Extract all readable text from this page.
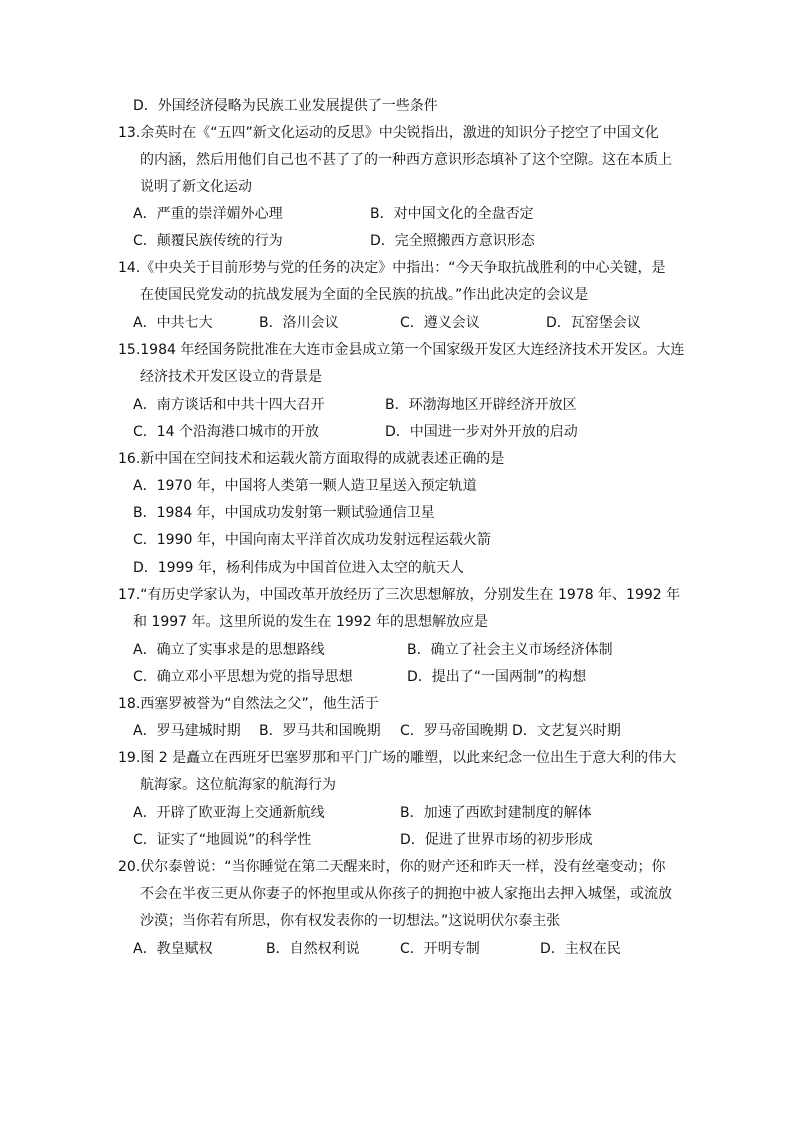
D．外国经济侵略为民族工业发展提供了一些条件
13.余英时在《“五四”新文化运动的反思》中尖锐指出，激进的知识分子挖空了中国文化
的内涵，然后用他们自己也不甚了了的一种西方意识形态填补了这个空隙。这在本质上
说明了新文化运动
A．严重的崇洋媚外心理	B．对中国文化的全盘否定
C．颠覆民族传统的行为	D．完全照搬西方意识形态
14.《中央关于目前形势与党的任务的决定》中指出：“今天争取抗战胜利的中心关键，是
在使国民党发动的抗战发展为全面的全民族的抗战。”作出此决定的会议是
A．中共七大	B．洛川会议	C．遵义会议	D．瓦窑堡会议
15.1984 年经国务院批准在大连市金县成立第一个国家级开发区大连经济技术开发区。大连
经济技术开发区设立的背景是
A．南方谈话和中共十四大召开	B．环渤海地区开辟经济开放区
C．14 个沿海港口城市的开放	D．中国进一步对外开放的启动
16.新中国在空间技术和运载火箭方面取得的成就表述正确的是
A．1970 年，中国将人类第一颗人造卫星送入预定轨道
B．1984 年，中国成功发射第一颗试验通信卫星
C．1990 年，中国向南太平洋首次成功发射远程运载火箭
D．1999 年，杨利伟成为中国首位进入太空的航天人
17.“有历史学家认为，中国改革开放经历了三次思想解放，分别发生在 1978 年、1992 年
和 1997 年。这里所说的发生在 1992 年的思想解放应是
A．确立了实事求是的思想路线	B．确立了社会主义市场经济体制
C．确立邓小平思想为党的指导思想	D．提出了“一国两制”的构想
18.西塞罗被誉为“自然法之父”，他生活于
A．罗马建城时期 B．罗马共和国晚期 C．罗马帝国晚期 D．文艺复兴时期
19.图 2 是矗立在西班牙巴塞罗那和平门广场的雕塑，以此来纪念一位出生于意大利的伟大
航海家。这位航海家的航海行为
A．开辟了欧亚海上交通新航线	B．加速了西欧封建制度的解体
C．证实了“地圆说”的科学性	D．促进了世界市场的初步形成
20.伏尔泰曾说：“当你睡觉在第二天醒来时，你的财产还和昨天一样，没有丝毫变动；你
不会在半夜三更从你妻子的怀抱里或从你孩子的拥抱中被人家拖出去押入城堡，或流放
沙漠；当你若有所思，你有权发表你的一切想法。”这说明伏尔泰主张
A．教皇赋权	B．自然权利说	C．开明专制	D．主权在民
